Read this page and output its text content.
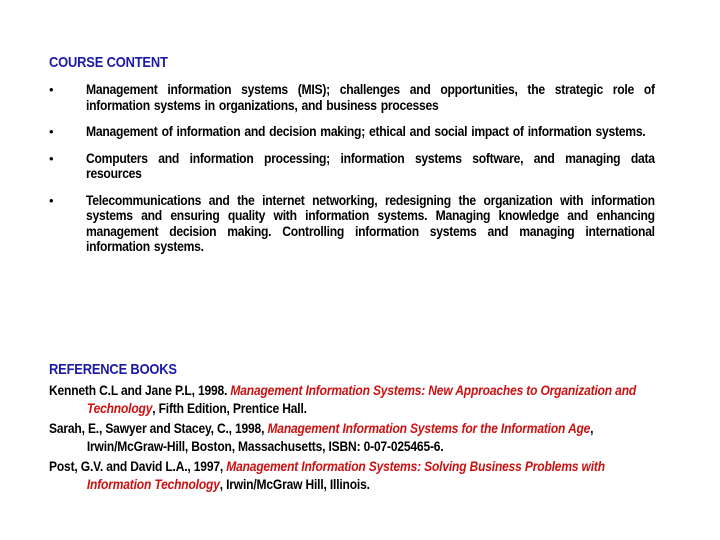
COURSE CONTENT
• Management information systems (MIS); challenges and opportunities, the strategic role of information systems in organizations, and business processes
• Management of information and decision making; ethical and social impact of information systems.
• Computers and information processing; information systems software, and managing data resources
• Telecommunications and the internet networking, redesigning the organization with information systems and ensuring quality with information systems. Managing knowledge and enhancing management decision making. Controlling information systems and managing international information systems.
REFERENCE BOOKS

Kenneth C.L and Jane P.L, 1998. Management Information Systems: New Approaches to Organization and Technology, Fifth Edition, Prentice Hall.

Sarah, E., Sawyer and Stacey, C., 1998, Management Information Systems for the Information Age, Irwin/McGraw-Hill, Boston, Massachusetts, ISBN: 0-07-025465-6.

Post, G.V. and David L.A., 1997, Management Information Systems: Solving Business Problems with Information Technology, Irwin/McGraw Hill, Illinois.
